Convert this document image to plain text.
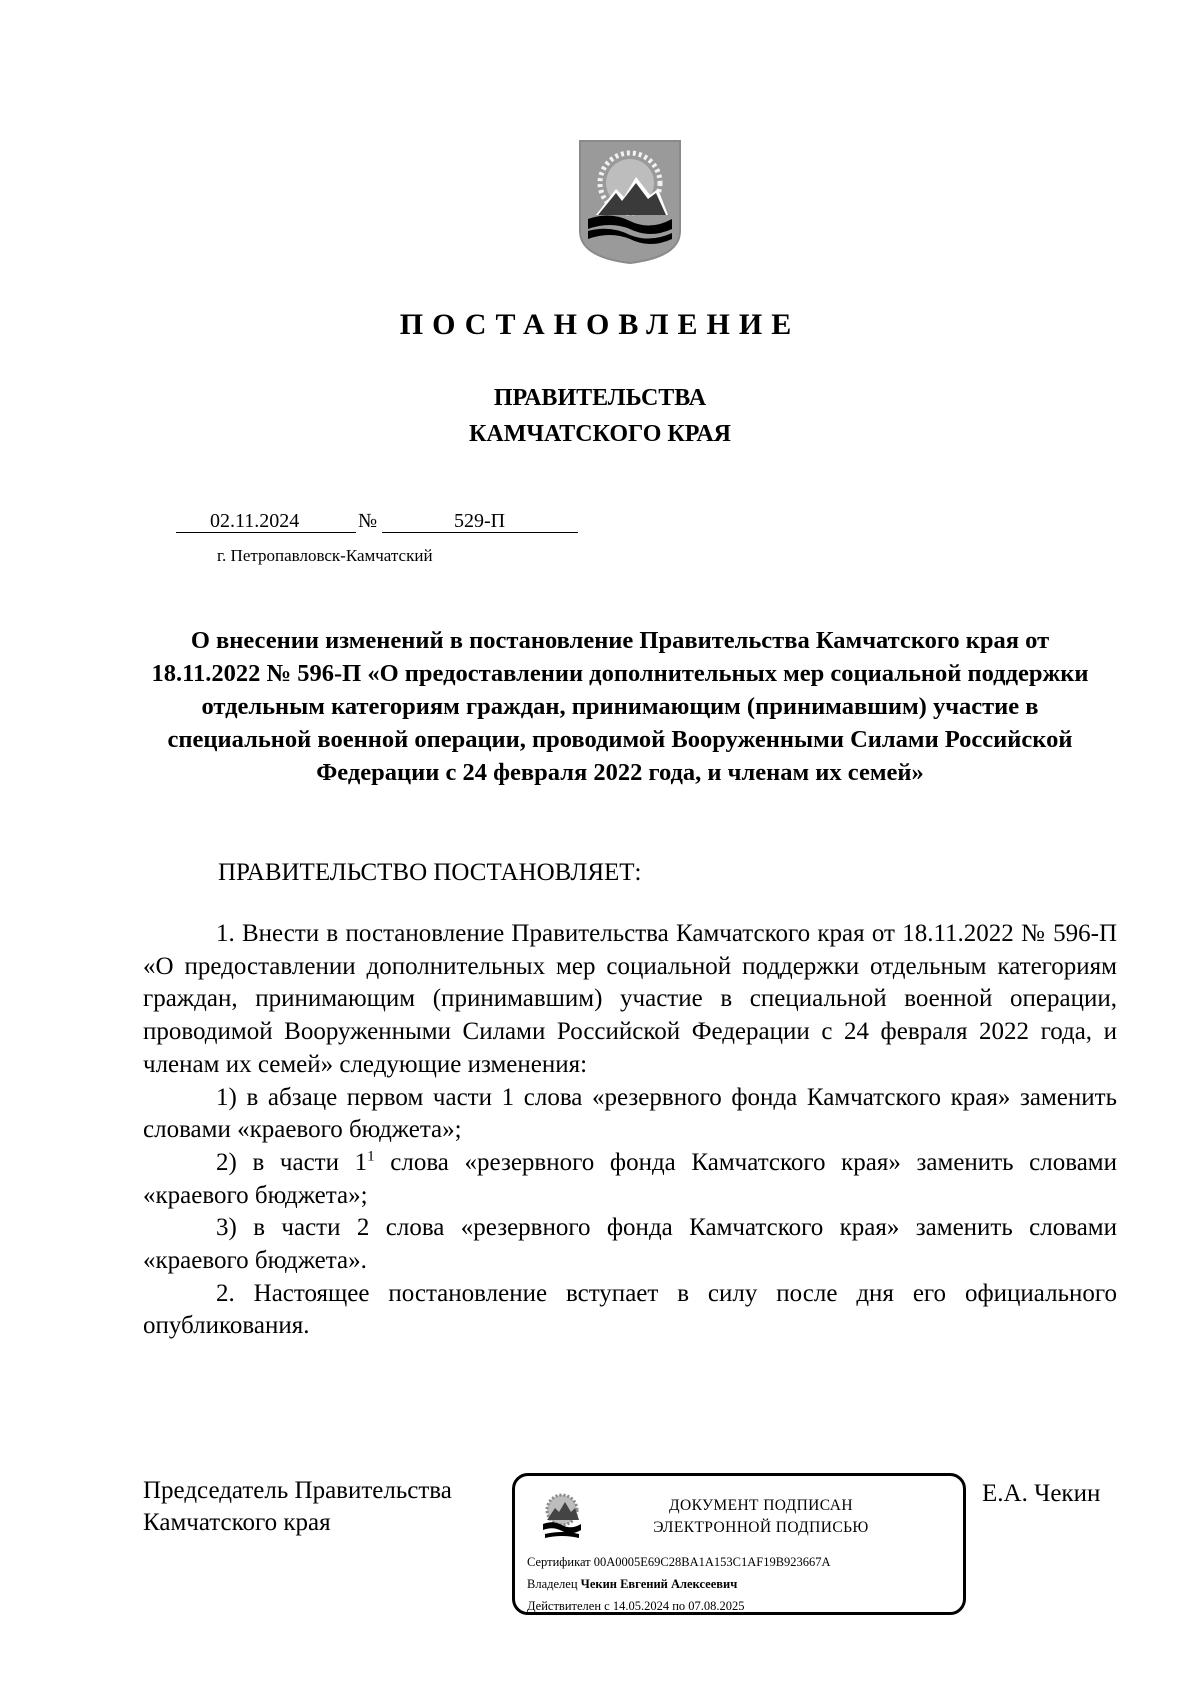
ПОСТАНОВЛЕНИЕ
ПРАВИТЕЛЬСТВА
КАМЧАТСКОГО КРАЯ
02.11.2024	№	529-П
г. Петропавловск-Камчатский
О внесении изменений в постановление Правительства Камчатского края от 18.11.2022 № 596-П «О предоставлении дополнительных мер социальной поддержки отдельным категориям граждан, принимающим (принимавшим) участие в специальной военной операции, проводимой Вооруженными Силами Российской Федерации с 24 февраля 2022 года, и членам их семей»
ПРАВИТЕЛЬСТВО ПОСТАНОВЛЯЕТ:

1. Внести в постановление Правительства Камчатского края от 18.11.2022 № 596-П «О предоставлении дополнительных мер социальной поддержки отдельным категориям граждан, принимающим (принимавшим) участие в специальной военной операции, проводимой Вооруженными Силами Российской Федерации с 24 февраля 2022 года, и членам их семей» следующие изменения:

1) в абзаце первом части 1 слова «резервного фонда Камчатского края» заменить словами «краевого бюджета»;

2) в части $1^1$ слова «резервного фонда Камчатского края» заменить словами «краевого бюджета»;

3) в части 2 слова «резервного фонда Камчатского края» заменить словами «краевого бюджета».

2. Настоящее постановление вступает в силу после дня его официального опубликования.

Председатель Правительства
Камчатского края
ДОКУМЕНТ ПОДПИСАН
ЭЛЕКТРОННОЙ ПОДПИСЬЮ
Сертификат 00A0005E69C28BA1A153C1AF19B923667A
Владелец Чекин Евгений Алексеевич
Действителен с 14.05.2024 по 07.08.2025
Е.А. Чекин
